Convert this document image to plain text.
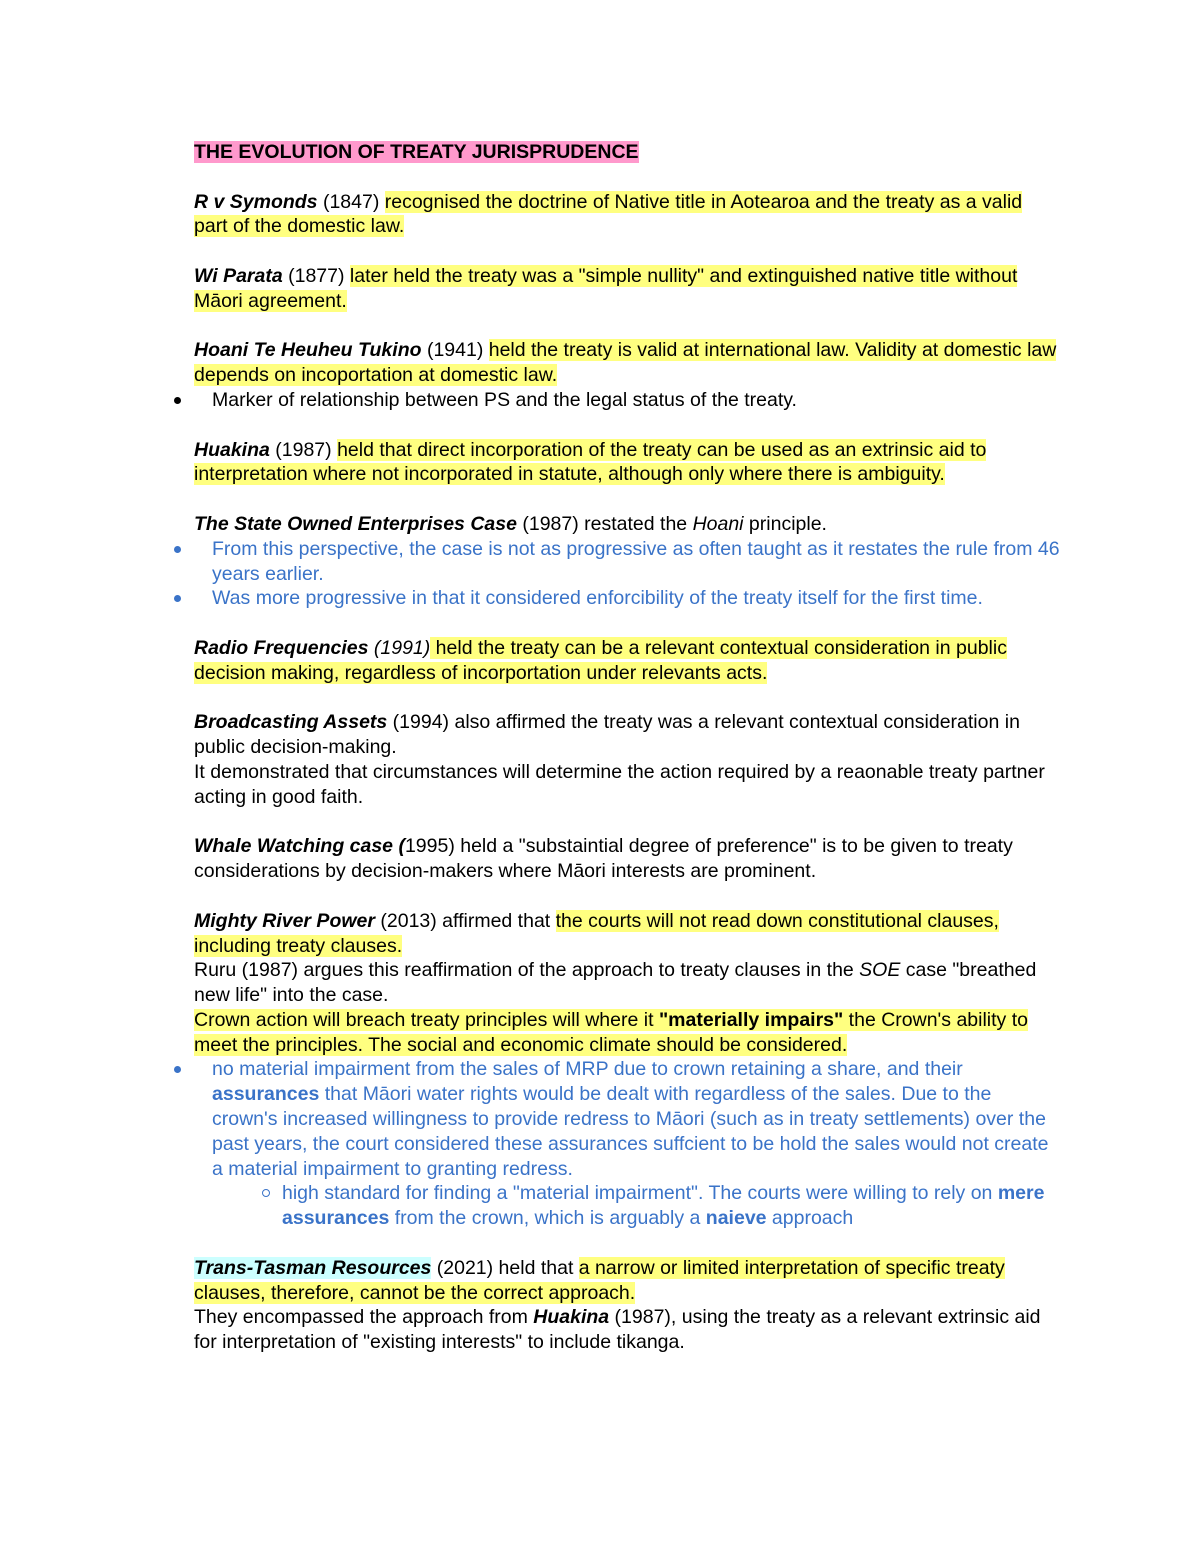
THE EVOLUTION OF TREATY JURISPRUDENCE

R v Symonds (1847) recognised the doctrine of Native title in Aotearoa and the treaty as a valid part of the domestic law.

Wi Parata (1877) later held the treaty was a "simple nullity" and extinguished native title without Māori agreement.

Hoani Te Heuheu Tukino (1941) held the treaty is valid at international law. Validity at domestic law depends on incoportation at domestic law.

Marker of relationship between PS and the legal status of the treaty.

Huakina (1987) held that direct incorporation of the treaty can be used as an extrinsic aid to interpretation where not incorporated in statute, although only where there is ambiguity.

The State Owned Enterprises Case (1987) restated the Hoani principle.

From this perspective, the case is not as progressive as often taught as it restates the rule from 46 years earlier.
Was more progressive in that it considered enforcibility of the treaty itself for the first time.

Radio Frequencies (1991) held the treaty can be a relevant contextual consideration in public decision making, regardless of incorportation under relevants acts.

Broadcasting Assets (1994) also affirmed the treaty was a relevant contextual consideration in public decision-making.

It demonstrated that circumstances will determine the action required by a reaonable treaty partner acting in good faith.

Whale Watching case (1995) held a "substaintial degree of preference" is to be given to treaty considerations by decision-makers where Māori interests are prominent.

Mighty River Power (2013) affirmed that the courts will not read down constitutional clauses, including treaty clauses.

Ruru (1987) argues this reaffirmation of the approach to treaty clauses in the SOE case "breathed new life" into the case.

Crown action will breach treaty principles will where it "materially impairs" the Crown's ability to meet the principles. The social and economic climate should be considered.

no material impairment from the sales of MRP due to crown retaining a share, and their assurances that Māori water rights would be dealt with regardless of the sales. Due to the crown's increased willingness to provide redress to Māori (such as in treaty settlements) over the past years, the court considered these assurances suffcient to be hold the sales would not create a material impairment to granting redress.
high standard for finding a "material impairment". The courts were willing to rely on mere assurances from the crown, which is arguably a naieve approach

Trans-Tasman Resources (2021) held that a narrow or limited interpretation of specific treaty clauses, therefore, cannot be the correct approach.

They encompassed the approach from Huakina (1987), using the treaty as a relevant extrinsic aid for interpretation of "existing interests" to include tikanga.
